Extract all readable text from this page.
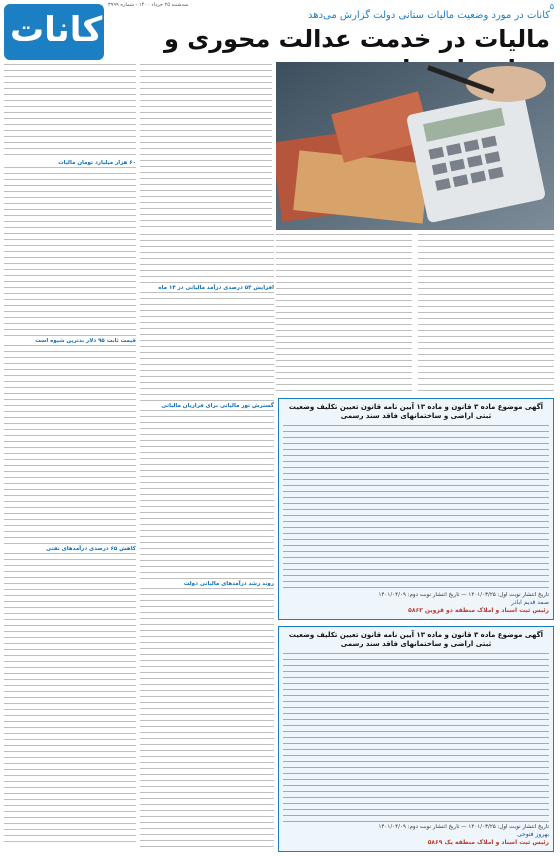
کانات
سه‌شنبه ۲۵ خرداد ۱۴۰۰ - شماره ۳۹۹۹	۵
کانات در مورد وضعیت مالیات ستانی دولت گزارش می‌دهد
مالیات در خدمت عدالت محوری و
افزایش ۵۴ درصدی درآمد مالیاتی در ۱۴ ماه
گسترش تور مالیاتی برای فراریان مالیاتی
روند رشد درآمدهای مالیاتی دولت
۶۰ هزار میلیارد تومان مالیات
قیمت ثابت ۹۵ دلار بدترین شیوه است
کاهش ۶۵ درصدی درآمدهای نفتی
آگهی موضوع ماده ۳ قانون و ماده ۱۳ آیین نامه قانون تعیین تکلیف وضعیت ثبتی اراضی و ساختمانهای فاقد سند رسمی
تاریخ انتشار نوبت اول: ۱۴۰۱/۰۳/۲۵ — تاریخ انتشار نوبت دوم: ۱۴۰۱/۰۴/۰۹
صمد قدیم اباذر
رئیس ثبت اسناد و املاک منطقه دو قزوین ۵۸۶۳
آگهی موضوع ماده ۳ قانون و ماده ۱۳ آیین نامه قانون تعیین تکلیف وضعیت ثبتی اراضی و ساختمانهای فاقد سند رسمی
تاریخ انتشار نوبت اول: ۱۴۰۱/۰۳/۲۵ — تاریخ انتشار نوبت دوم: ۱۴۰۱/۰۴/۰۹
بهروز فتوحی
رئیس ثبت اسناد و املاک منطقه یک ۵۸۶۹
